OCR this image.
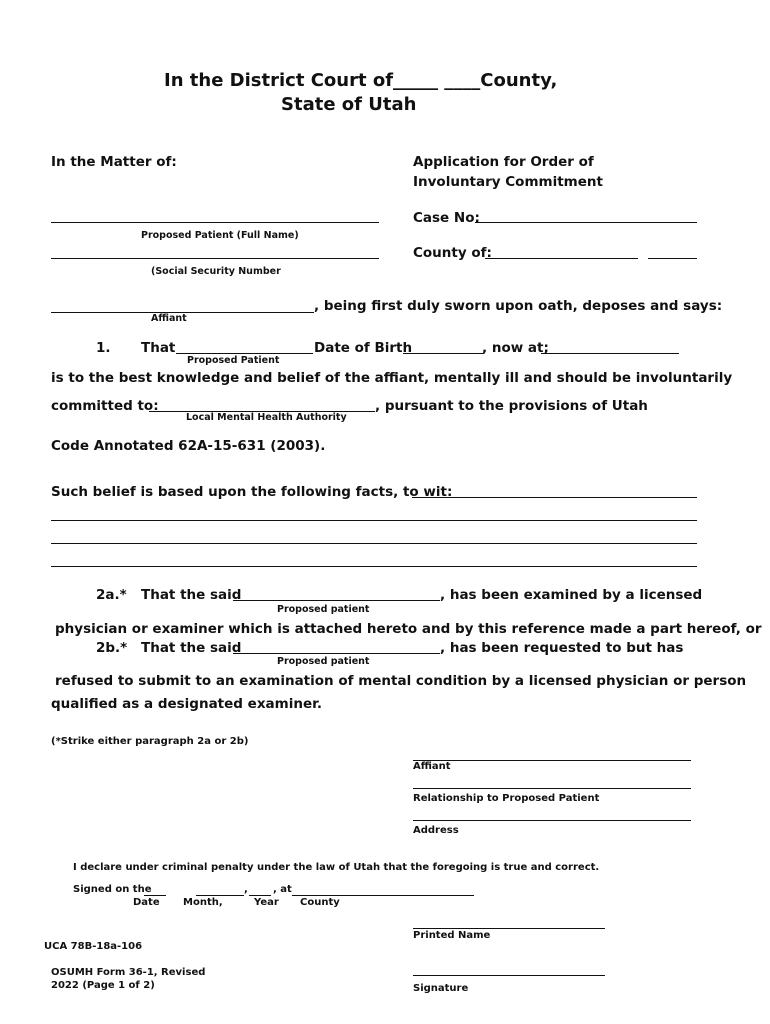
In the District Court of_____ ____County,
State of Utah
In the Matter of:	Application for Order of
Involuntary Commitment
Proposed Patient (Full Name)
Case No:
(Social Security Number
County of:
, being first duly sworn upon oath, deposes and says:
Affiant
1. That	Date of Birth	, now at;
Proposed Patient
is to the best knowledge and belief of the affiant, mentally ill and should be involuntarily
committed to:	, pursuant to the provisions of Utah
Local Mental Health Authority
Code Annotated 62A-15-631 (2003).
Such belief is based upon the following facts, to wit:
2a.* That the said	, has been examined by a licensed
Proposed patient
physician or examiner which is attached hereto and by this reference made a part hereof, or
2b.* That the said	, has been requested to but has
Proposed patient
refused to submit to an examination of mental condition by a licensed physician or person
qualified as a designated examiner.
(*Strike either paragraph 2a or 2b)
Affiant
Relationship to Proposed Patient
Address
I declare under criminal penalty under the law of Utah that the foregoing is true and correct.
Signed on the	,	, at
Date Month,	Year County
Printed Name
Signature
UCA 78B-18a-106
OSUMH Form 36-1, Revised
2022 (Page 1 of 2)
